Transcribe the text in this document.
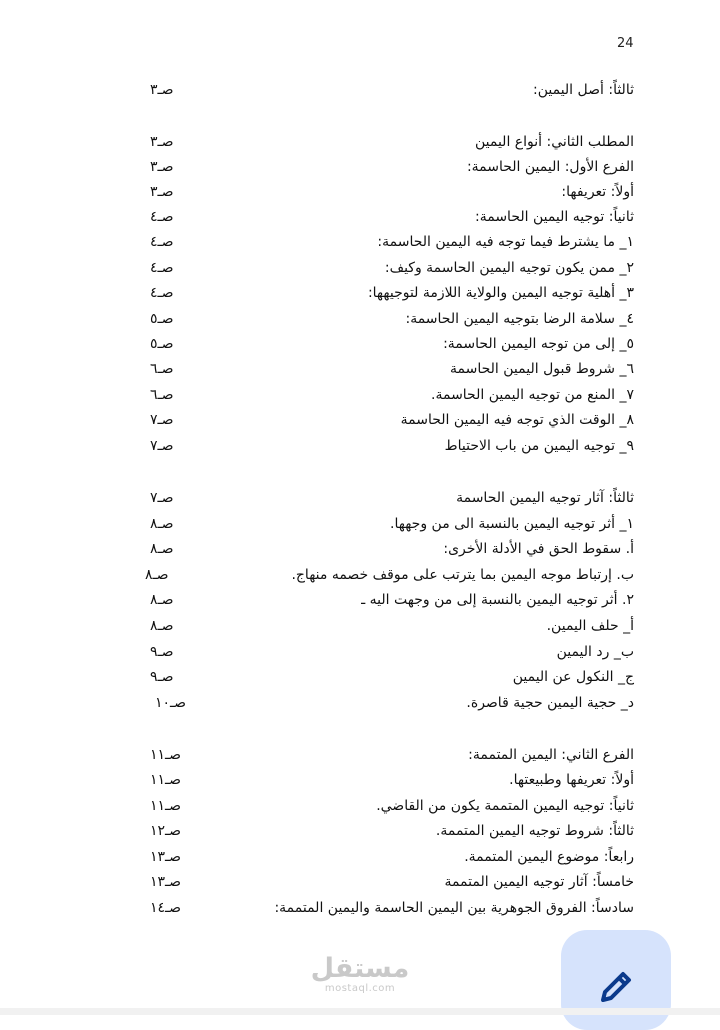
24
ثالثاً: أصل اليمين:
صـ٣
المطلب الثاني: أنواع اليمين
صـ٣
الفرع الأول: اليمين الحاسمة:
صـ٣
أولاً: تعريفها:
صـ٣
ثانياً: توجيه اليمين الحاسمة:
صـ٤
١_ ما يشترط فيما توجه فيه اليمين الحاسمة:
صـ٤
٢_ ممن يكون توجيه اليمين الحاسمة وكيف:
صـ٤
٣_ أهلية توجيه اليمين والولاية اللازمة لتوجيهها:
صـ٤
٤_ سلامة الرضا بتوجيه اليمين الحاسمة:
صـ٥
٥_ إلى من توجه اليمين الحاسمة:
صـ٥
٦_ شروط قبول اليمين الحاسمة
صـ٦
٧_ المنع من توجيه اليمين الحاسمة.
صـ٦
٨_ الوقت الذي توجه فيه اليمين الحاسمة
صـ٧
٩_ توجيه اليمين من باب الاحتياط
صـ٧
ثالثاً: آثار توجيه اليمين الحاسمة
صـ٧
١_ أثر توجيه اليمين بالنسبة الى من وجهها.
صـ٨
أ. سقوط الحق في الأدلة الأخرى:
صـ٨
ب. إرتباط موجه اليمين بما يترتب على موقف خصمه منهاج.
صـ٨
٢. أثر توجيه اليمين بالنسبة إلى من وجهت اليه ـ
صـ٨
أ_ حلف اليمين.
صـ٨
ب_ رد اليمين
صـ٩
ج_ النكول عن اليمين
صـ٩
د_ حجية اليمين حجية قاصرة.
صـ١٠
الفرع الثاني: اليمين المتممة:
صـ١١
أولاً: تعريفها وطبيعتها.
صـ١١
ثانياً: توجيه اليمين المتممة يكون من القاضي.
صـ١١
ثالثاً: شروط توجيه اليمين المتممة.
صـ١٢
رابعاً: موضوع اليمين المتممة.
صـ١٣
خامساً: آثار توجيه اليمين المتممة
صـ١٣
سادساً: الفروق الجوهرية بين اليمين الحاسمة واليمين المتممة:
صـ١٤
مستقل
mostaql.com
